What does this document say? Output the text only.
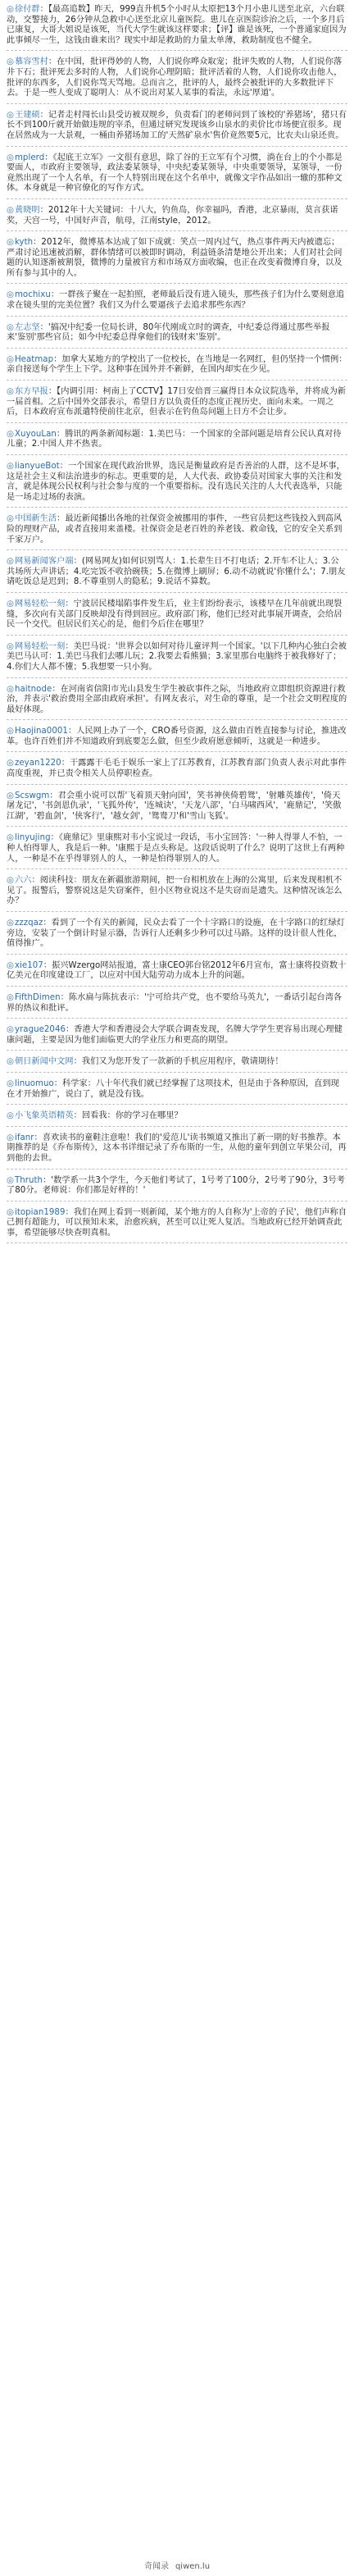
◎徐付群：【最高追数】昨天，999直升机5个小时从太原把13个月小患儿送至北京，六台联动，交警接力，26分钟从急救中心送至北京儿童医院。患儿在京医院诊治之后，一个多月后已康复，大哥大姐说是该死，当代大学生就该这样要求；【评】谁是该死，一个普通家庭因为此事倾尽一生，这钱由谁来出？现实中却是救助的力量太单薄，救助制度也不健全。

◎慕容雪村：在中国，批评得妙的人物，人们说你哗众取宠；批评失败的人物，人们说你落井下石；批评死去多时的人物，人们说你心理阴暗；批评活着的人物，人们说你攻击他人，批评的东西多，人们说你骂天骂地。总而言之，批评的人，最终会被批评的大多数批评下去。于是一些人变成了聪明人：从不说出对某人某事的看法，永远'厚道'。

◎王建硕：记者走村闯长山县受访被双规乡，负责看门的老师问到了该校的'养猪场'，猪只有长不到100斤就开始做违规的宰杀，但通过研究发现该乡山泉水的卖价比市场便宜很多。现在居然成为一大景观，一桶由养猪场加工的'天然矿泉水'售价竟然要5元，比农夫山泉还贵。

◎mplerd：《起底王立军》一文很有意思，除了谷的王立军有个习惯，淌在台上的个小都是要面人，市政府主要领导，政法委某领导，中央纪委某领导，中央重要领导，某领导，一份竟然出现了一个人名单，有一个人特别出现在这个名单中，就像文字作品如出一辙的那种文体。本身就是一种官僚化的写作方式。

◎黄晓明：2012年十大关键词：十八大，钓鱼岛，你幸福吗，香港，北京暴雨，莫言获诺奖，天宫一号，中国好声音，航母，江南style，2012。

◎kyth：2012年，微博基本达成了如下成就：笑点一周内过气，热点事件两天内被遗忘；严肃讨论迅速被消解，群体情绪可以被即时调动，利益链条清楚地公开出来；人们对社会问题的认知逐渐被割裂，微博的力量被官方和市场双方面收编，也正在改变着微博自身，以及所有参与其中的人。

◎mochixu：一群孩子聚在一起拍照，老师最后没有进入镜头，那些孩子们为什么要刻意追求在镜头里的完美位置？我们又为什么要逼孩子去追求那些东西？

◎左志坚：'搞况中纪委一位局长讲，80年代刚成立时的调查，中纪委总得通过那些举报来'鉴别'那些官员；如今中纪委总得拿他们的钱财来'鉴别'。

◎Heatmap：加拿大某地方的学校出了一位校长，在当地是一名网红，但仍坚持一个惯例：亲自接送每个学生上下学。这种事在国外并不新鲜，在国内却实在少见。

◎东方早报：【内调引用：柯南上了CCTV】17日安倍晋三赢得日本众议院选举，并将成为新一届首相。之后中国外交部表示，希望日方以负责任的态度正视历史、面向未来。一周之后，日本政府宣布派遣特使前往北京，但表示在钓鱼岛问题上日方不会让步。

◎XuyouLan：腾讯的两条新闻标题：1.美巴马：一个国家的全部问题是培育公民认真对待儿童；2.中国人并不热衷。

◎lianyueBot：一个国家在现代政治世界，选民是衡量政府是否善治的人群，这不是坏事，这是社会主义和法治进步的标志。更重要的是，人大代表、政协委员对国家大事的关注和发言，就是体现公民权利与社会参与度的一个重要指标。没有选民关注的人大代表选举，只能是一场走过场的表演。

◎中国新生活：最近新闻播出各地的社保资金被挪用的事件，一些官员把这些钱投入到高风险的理财产品，或者直接用来盖楼。社保资金是老百姓的养老钱、救命钱，它的安全关系到千家万户。

◎网易新闻客户端：(网易网友)如何识别骂人：1.长辈生日不打电话；2.开车不让人；3.公共场所大声讲话；4.吃完饭不收拾碗筷；5.在微博上刷屏；6.动不动就说'你懂什么'；7.朋友请吃饭总是迟到；8.不尊重别人的隐私；9.说话不算数。

◎网易轻松一刻：宁波居民楼塌陷事件发生后，业主们纷纷表示，该楼早在几年前就出现裂缝，多次向有关部门反映却没有得到回应。政府部门称，他们已经对此事展开调查，会给居民一个交代。但居民们关心的是，他们今后住在哪里？

◎网易轻松一刻：美巴马说：'世界会以如何对待儿童评判一个国家。'以下几种内心独白会被美巴马认可：1.美巴马我们去哪儿玩；2.我要去看熊猫；3.家里那台电脑终于被我修好了；4.你们大人都不懂；5.我想要一只小狗。

◎haitnode：在河南省信阳市光山县发生学生被砍事件之际，当地政府立即组织资源进行救治，并表示'救治费用全部由政府承担'。有网友表示，对生命的尊重，是一个社会文明程度的最好体现。

◎Haojina0001：人民网上办了一个，CRO番号资源，这么做由百姓直接参与讨论，推进改革。也许百姓们并不知道政府到底要怎么做，但至少政府愿意倾听，这就是一种进步。

◎zeyan1220：干露露干毛毛于娱乐一家上了江苏教育，江苏教育部门负责人表示对此事件高度重视，并已责令相关人员停职检查。

◎Scswgm：君会重小说可以帮'飞着顶天射向国'，笑书神侠倚碧鸳'，'射雕英雄传'，'倚天屠龙记'，'书剑恩仇录'，'飞狐外传'，'连城诀'，'天龙八部'，'白马啸西风'，'鹿鼎记'，'笑傲江湖'，'碧血剑'，'侠客行'，'越女剑'，'鸳鸯刀'和'雪山飞狐'。

◎linyujing：《鹿鼎记》里康熙对韦小宝说过一段话，韦小宝回答：'一种人得罪人不怕，一种人怕得罪人，我是后一种。'康熙于是点头称是。这段话说明了什么？说明了这世上有两种人，一种是不在乎得罪别人的人，一种是怕得罪别人的人。

◎六六：阅读科技：朋友在新疆旅游期间，把一台相机放在上海的公寓里，后来发现相机不见了。报警后，警察说这是失窃案件，但小区物业说这不是失窃而是遗失。这种情况该怎么办？

◎zzzqaz：看到了一个有关的新闻，民众去看了一个十字路口的设施，在十字路口的红绿灯旁边，安装了一个倒计时显示器，告诉行人还剩多少秒可以过马路。这样的设计很人性化，值得推广。

◎xie107：振兴Wzergo网站报道，富士康CEO郭台铭2012年6月宣布，富士康将投资数十亿美元在印度建设工厂，以应对中国大陆劳动力成本上升的问题。

◎FifthDimen：陈水扁与陈抗表示：'宁可给共产党，也不要给马英九'，一番话引起台湾各界的热议和批评。

◎yrague2046：香港大学和香港浸会大学联合调查发现，名牌大学学生更容易出现心理健康问题，主要是因为他们面临更大的学业压力和更高的期望。

◎朝日新闻中文网：我们又为您开发了一款新的手机应用程序，敬请期待！

◎linuomuo：科学家：八十年代我们就已经掌握了这项技术，但是由于各种原因，直到现在才开始推广，说白了，就是没有钱。

◎小飞象英语精英：回看我：你的学习在哪里？

◎ifanr：喜欢读书的童鞋注意啦！我们的'爱范儿'读书频道又推出了新一期的好书推荐。本期推荐的是《乔布斯传》，这本书详细记录了乔布斯的一生，从他的童年到创立苹果公司，再到他的去世。

◎Thruth：'数学系一共3个学生，今天他们考试了，1号考了100分，2号考了90分，3号考了80分。老师说：你们都是好样的！'

◎itopian1989：我们在网上看到一则新闻，某个地方的人自称为'上帝的子民'，他们声称自己拥有超能力，可以预知未来，治愈疾病，甚至可以让死人复活。当地政府已经开始调查此事，希望能够尽快查明真相。

奇闻录 qiwen.lu
